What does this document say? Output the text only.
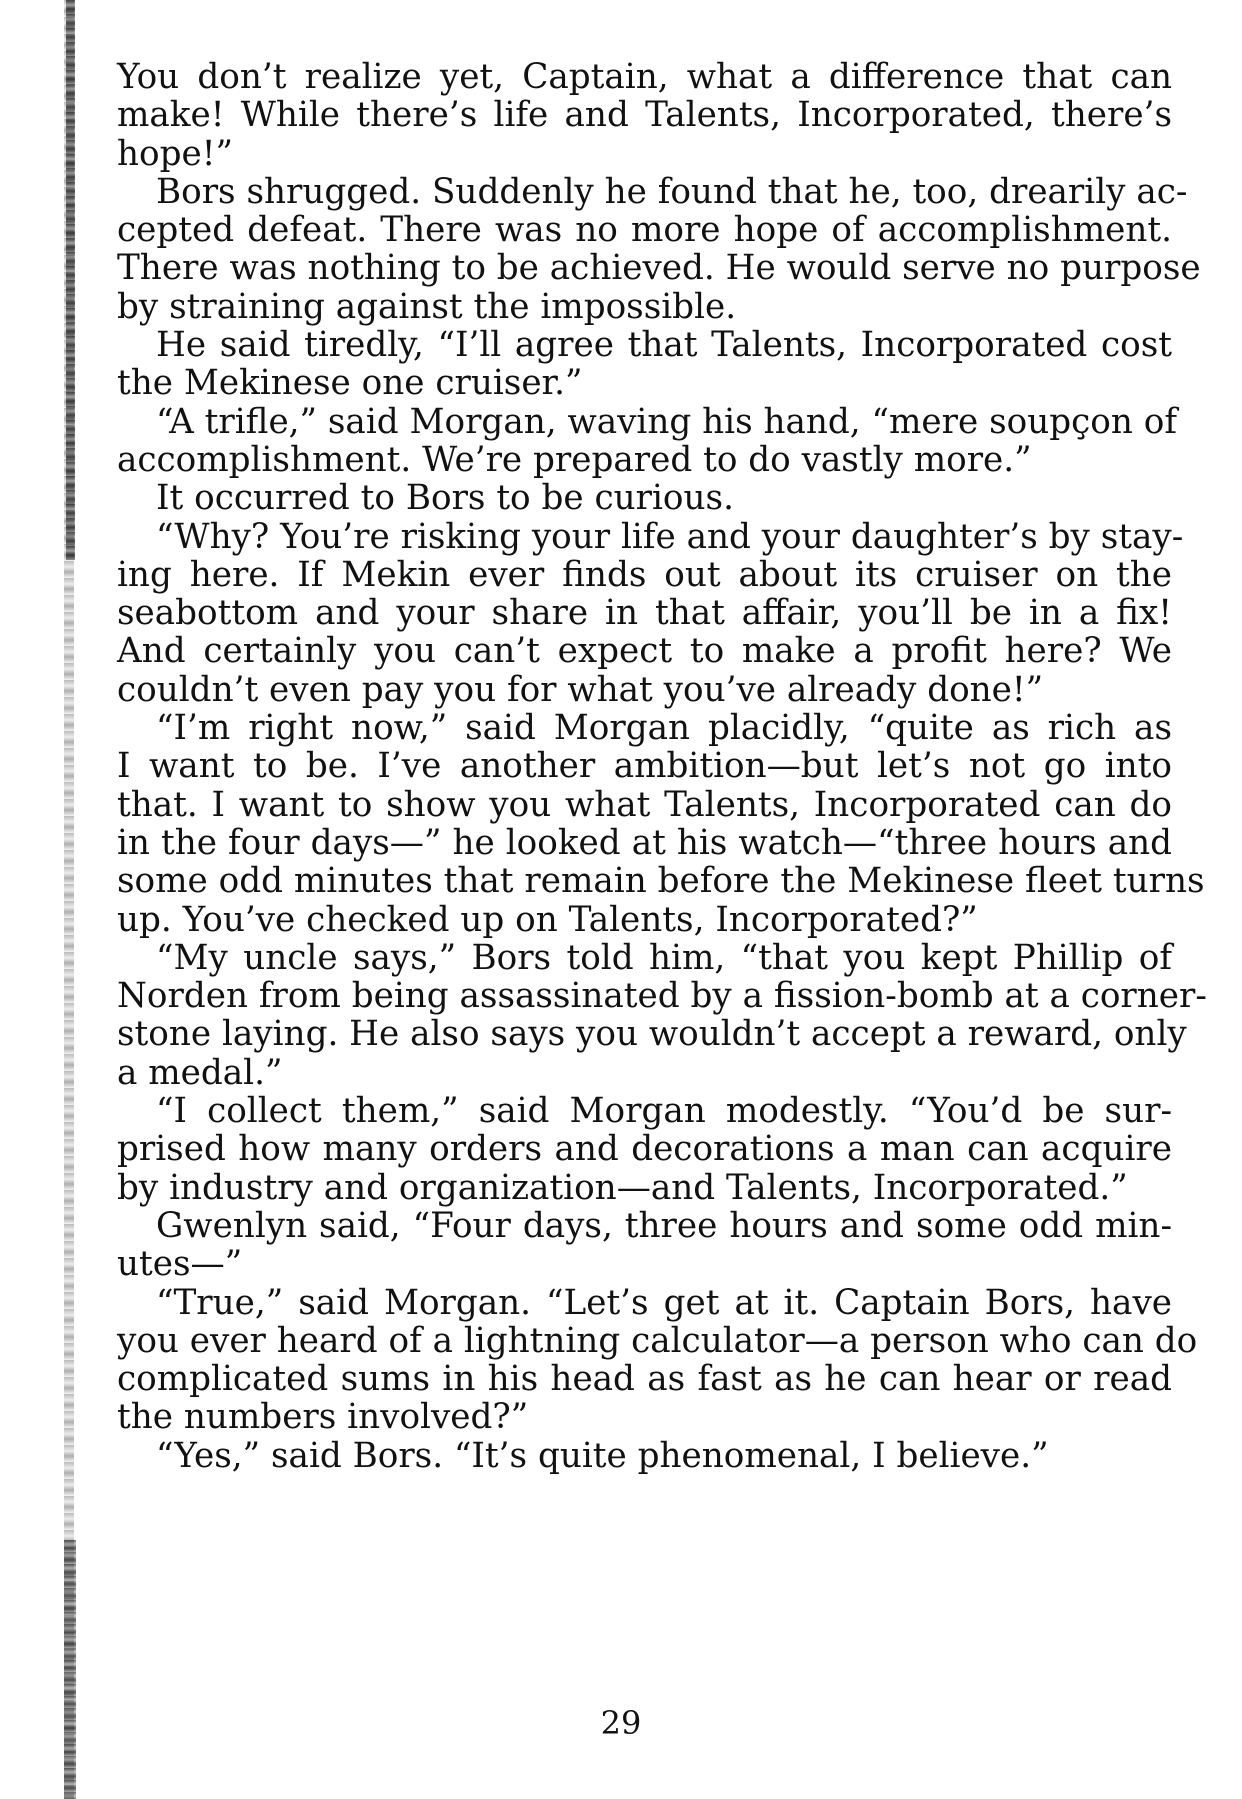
You don’t realize yet, Captain, what a difference that can
make! While there’s life and Talents, Incorporated, there’s
hope!”
Bors shrugged. Suddenly he found that he, too, drearily ac-
cepted defeat. There was no more hope of accomplishment.
There was nothing to be achieved. He would serve no purpose
by straining against the impossible.
He said tiredly, “I’ll agree that Talents, Incorporated cost
the Mekinese one cruiser.”
“A trifle,” said Morgan, waving his hand, “mere soupçon of
accomplishment. We’re prepared to do vastly more.”
It occurred to Bors to be curious.
“Why? You’re risking your life and your daughter’s by stay-
ing here. If Mekin ever finds out about its cruiser on the
seabottom and your share in that affair, you’ll be in a fix!
And certainly you can’t expect to make a profit here? We
couldn’t even pay you for what you’ve already done!”
“I’m right now,” said Morgan placidly, “quite as rich as
I want to be. I’ve another ambition—but let’s not go into
that. I want to show you what Talents, Incorporated can do
in the four days—” he looked at his watch—“three hours and
some odd minutes that remain before the Mekinese fleet turns
up. You’ve checked up on Talents, Incorporated?”
“My uncle says,” Bors told him, “that you kept Phillip of
Norden from being assassinated by a fission-bomb at a corner-
stone laying. He also says you wouldn’t accept a reward, only
a medal.”
“I collect them,” said Morgan modestly. “You’d be sur-
prised how many orders and decorations a man can acquire
by industry and organization—and Talents, Incorporated.”
Gwenlyn said, “Four days, three hours and some odd min-
utes—”
“True,” said Morgan. “Let’s get at it. Captain Bors, have
you ever heard of a lightning calculator—a person who can do
complicated sums in his head as fast as he can hear or read
the numbers involved?”
“Yes,” said Bors. “It’s quite phenomenal, I believe.”
29
